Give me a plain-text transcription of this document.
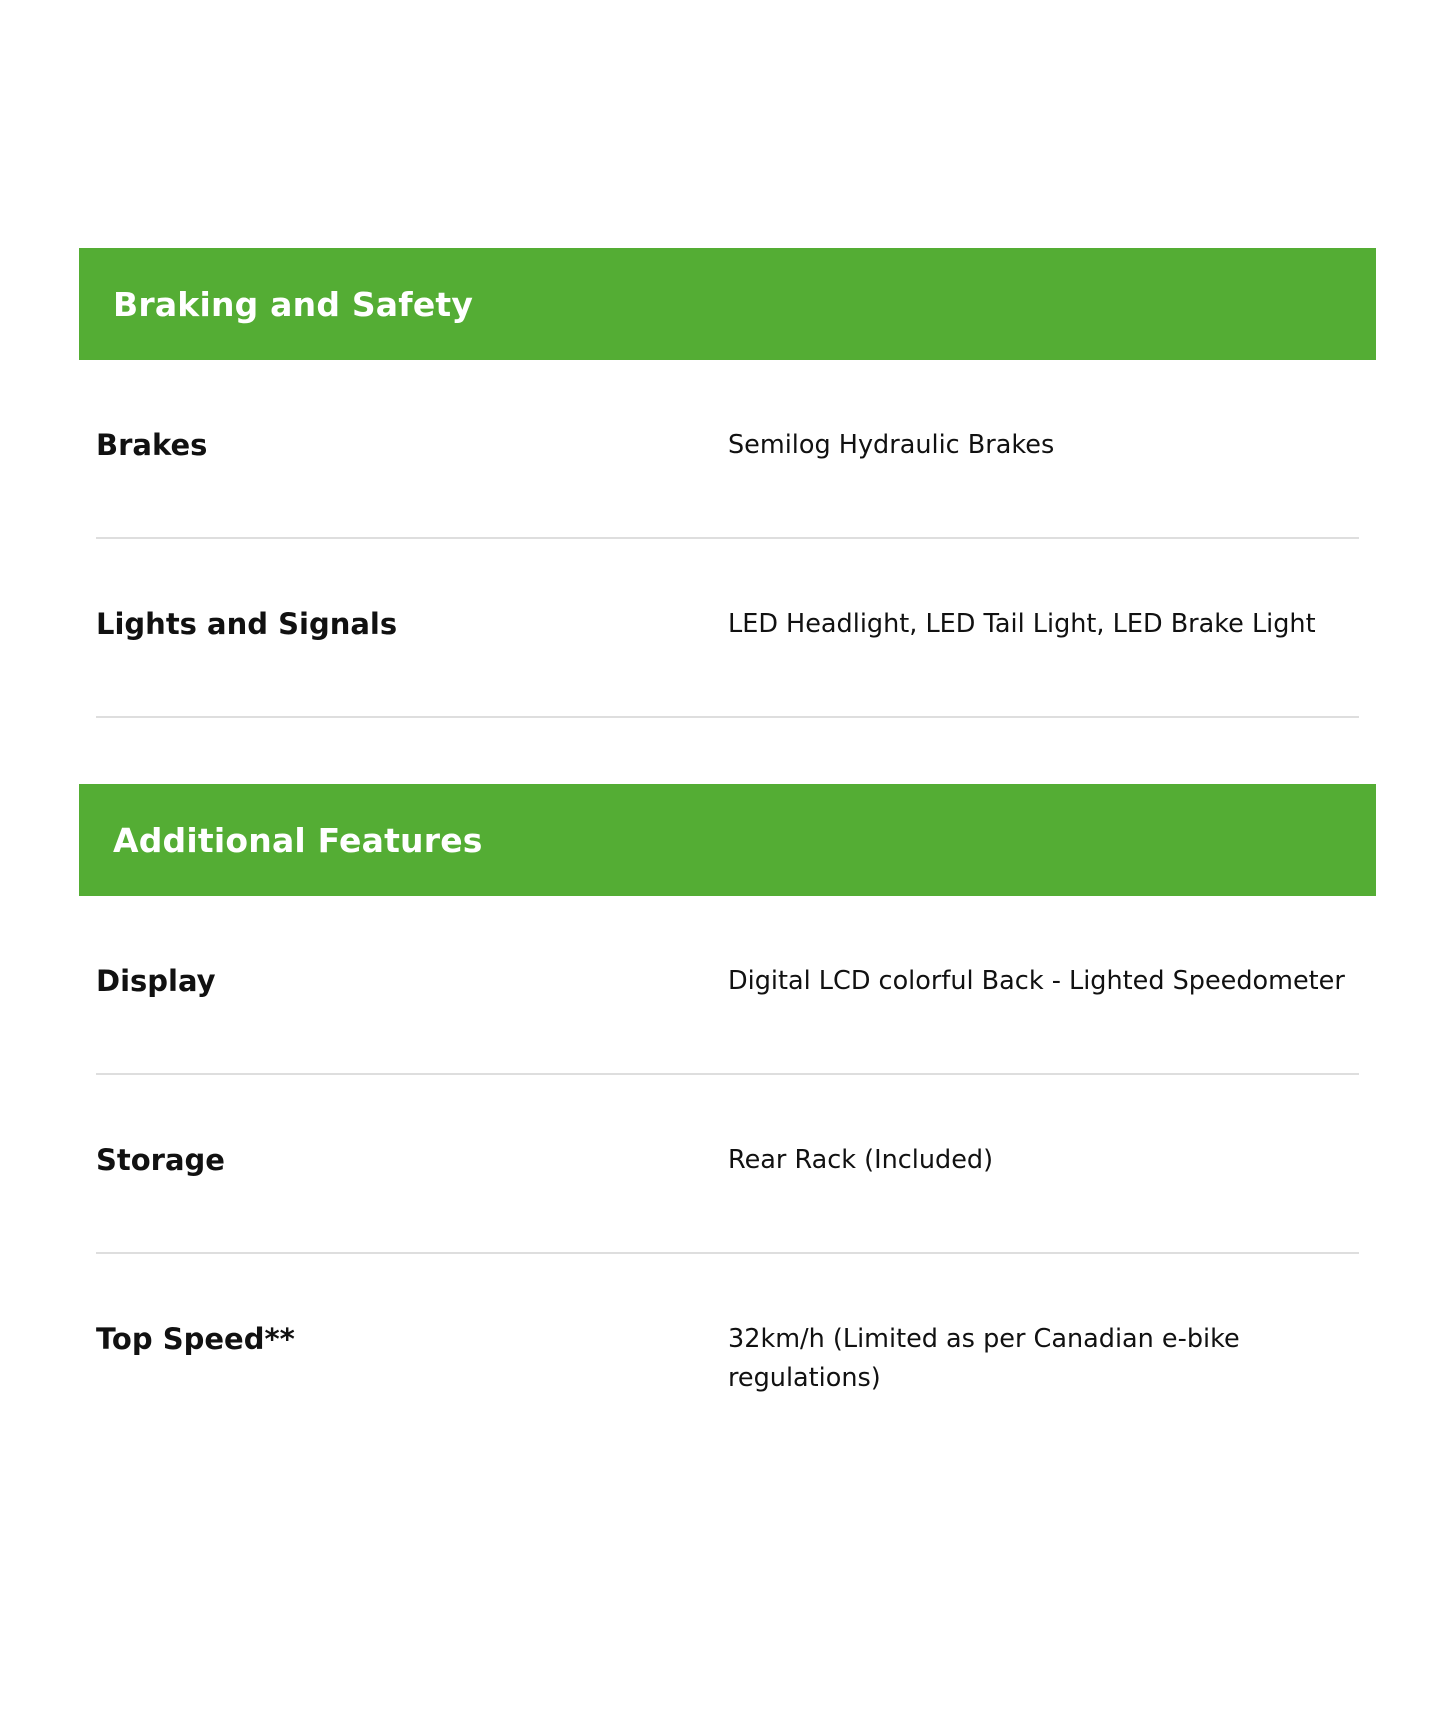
Braking and Safety
Brakes	Semilog Hydraulic Brakes
Lights and Signals	LED Headlight, LED Tail Light, LED Brake Light
Additional Features
Display	Digital LCD colorful Back - Lighted Speedometer
Storage	Rear Rack (Included)
Top Speed**	32km/h (Limited as per Canadian e-bike regulations)
